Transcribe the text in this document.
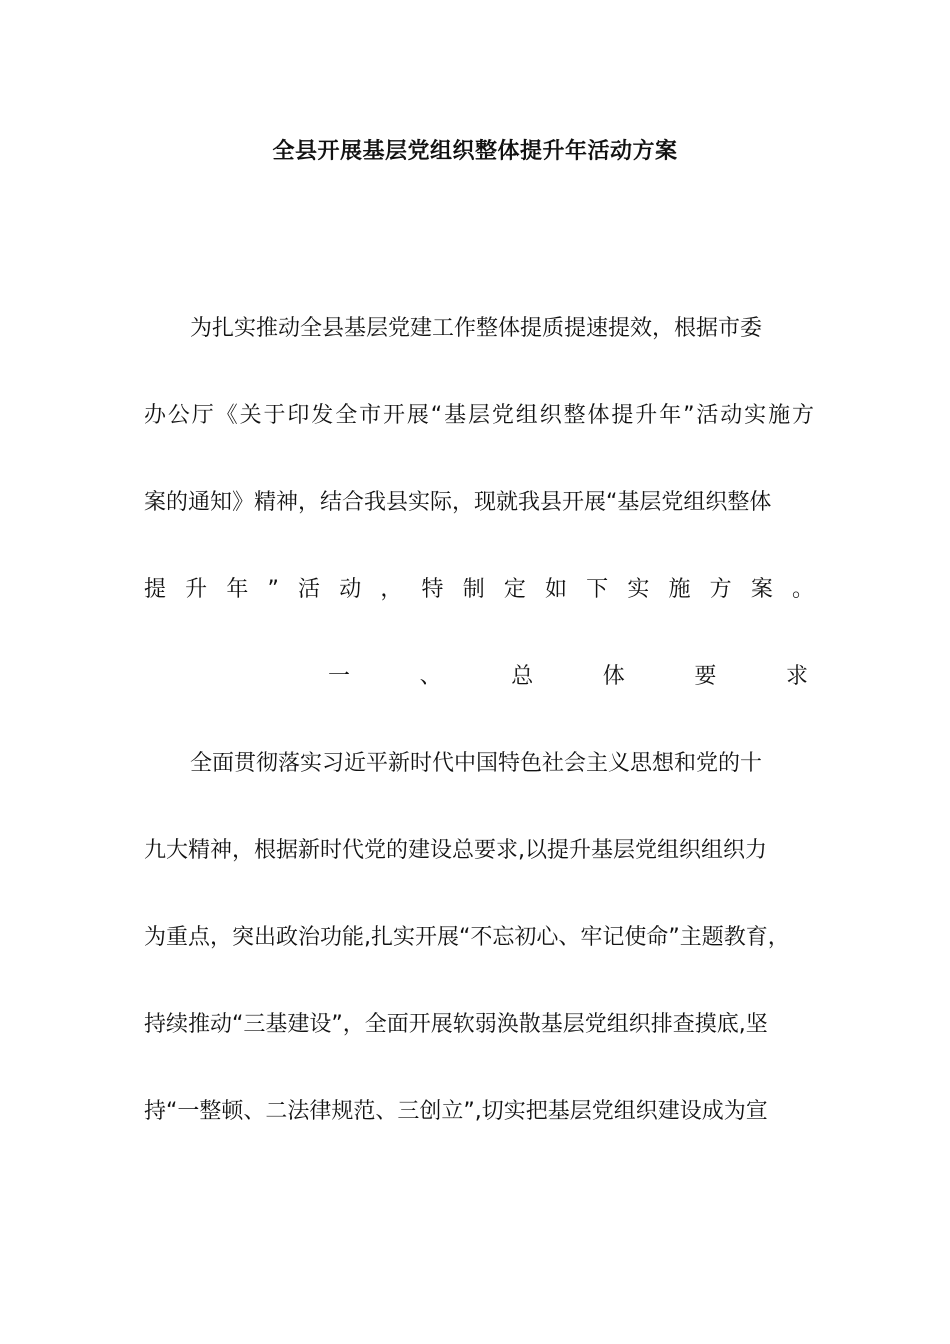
全县开展基层党组织整体提升年活动方案
为扎实推动全县基层党建工作整体提质提速提效，根据市委
办公厅《关于印发全市开展“基层党组织整体提升年”活动实施方
案的通知》精神，结合我县实际，现就我县开展“基层党组织整体
提升年”活动，特制定如下实施方案。
一、总体要求
全面贯彻落实习近平新时代中国特色社会主义思想和党的十
九大精神，根据新时代党的建设总要求,以提升基层党组织组织力
为重点，突出政治功能,扎实开展“不忘初心、牢记使命”主题教育，
持续推动“三基建设”，全面开展软弱涣散基层党组织排查摸底,坚
持“一整顿、二法律规范、三创立”,切实把基层党组织建设成为宣
